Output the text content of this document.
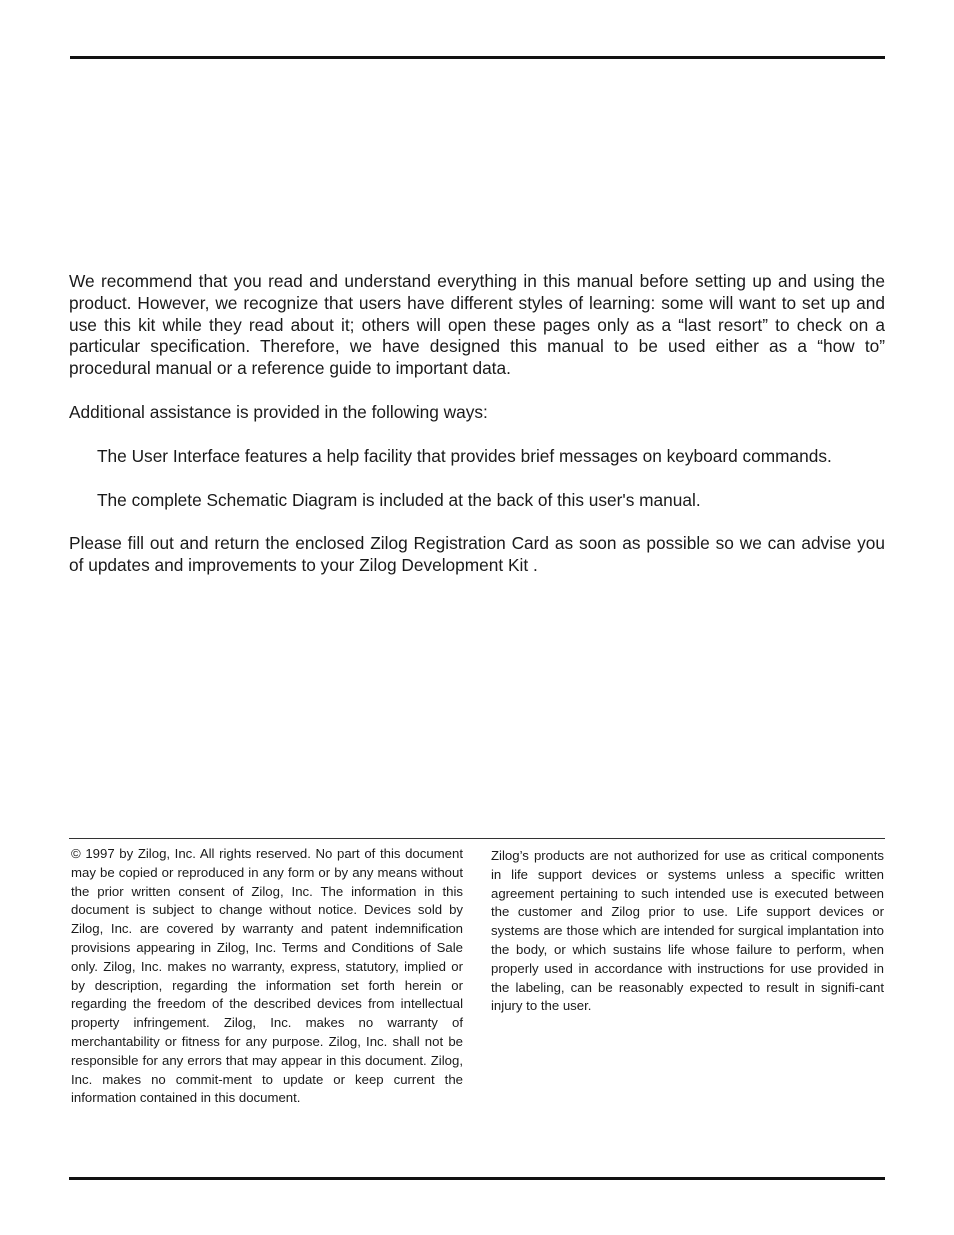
We recommend that you read and understand everything in this manual before setting up and using the product. However, we recognize that users have different styles of learning: some will want to set up and use this kit while they read about it; others will open these pages only as a “last resort” to check on a particular specification. Therefore, we have designed this manual to be used either as a “how to” procedural manual or a reference guide to important data.

Additional assistance is provided in the following ways:

The User Interface features a help facility that provides brief messages on keyboard commands.

The complete Schematic Diagram is included at the back of this user's manual.

Please fill out and return the enclosed Zilog Registration Card as soon as possible so we can advise you of updates and improvements to your Zilog Development Kit .

© 1997 by Zilog, Inc. All rights reserved. No part of this document may be copied or reproduced in any form or by any means without the prior written consent of Zilog, Inc. The information in this document is subject to change without notice. Devices sold by Zilog, Inc. are covered by warranty and patent indemnification provisions appearing in Zilog, Inc. Terms and Conditions of Sale only. Zilog, Inc. makes no warranty, express, statutory, implied or by description, regarding the information set forth herein or regarding the freedom of the described devices from intellectual property infringement. Zilog, Inc. makes no warranty of merchantability or fitness for any purpose. Zilog, Inc. shall not be responsible for any errors that may appear in this document. Zilog, Inc. makes no commit-ment to update or keep current the information contained in this document.
Zilog’s products are not authorized for use as critical components in life support devices or systems unless a specific written agreement pertaining to such intended use is executed between the customer and Zilog prior to use. Life support devices or systems are those which are intended for surgical implantation into the body, or which sustains life whose failure to perform, when properly used in accordance with instructions for use provided in the labeling, can be reasonably expected to result in signifi-cant injury to the user.
